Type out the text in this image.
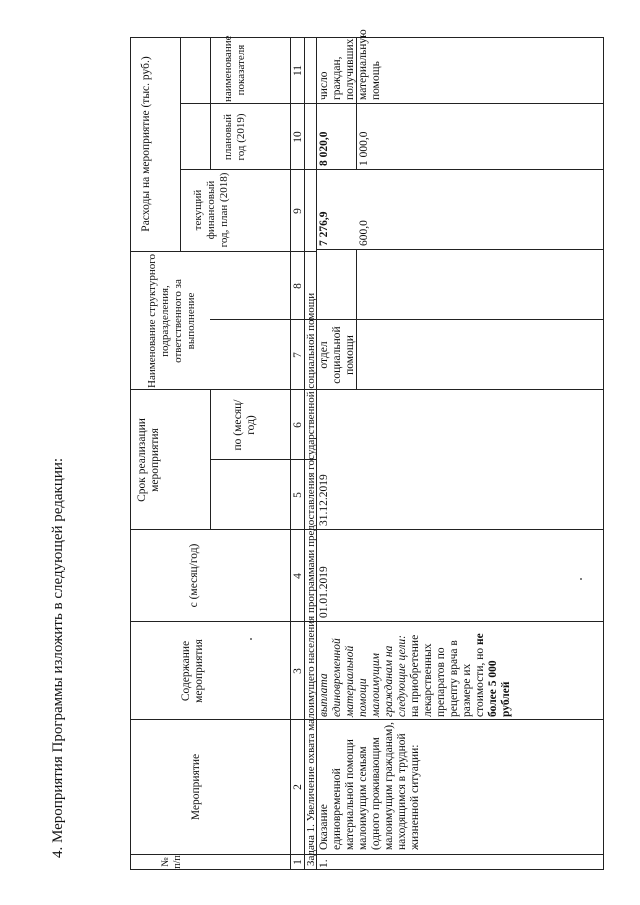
4. Мероприятия Программы изложить в следующей редакции:
№ п/п
Мероприятие
Содержание мероприятия
с (месяц/год)
Срок реализации мероприятия
по (месяц/год)
Наименование структурного подразделения, ответственного за выполнение
Расходы на мероприятие (тыс. руб.)	текущий финансовый год, план (2018)
плановый год (2019)
наименование показателя
1
2
3
4
5
6
7
8
9
10
11
Задача 1. Увеличение охвата малоимущего населения программами предоставления государственной социальной помощи 1.
Оказание единовременной материальной помощи малоимущим семьям (одного проживающим малоимущим гражданам), находящимся в трудной жизненной ситуации:
выплата единовременной материальной помощи малоимущим гражданам на следующие цели:
на приобретение лекарственных препаратов по рецепту врача в размере их стоимости, но не более 5 000 рублей
01.01.2019
31.12.2019
отдел социальной помощи
7 276,9
8 020,0
число граждан, получивших материальную помощь
600,0
1 000,0
